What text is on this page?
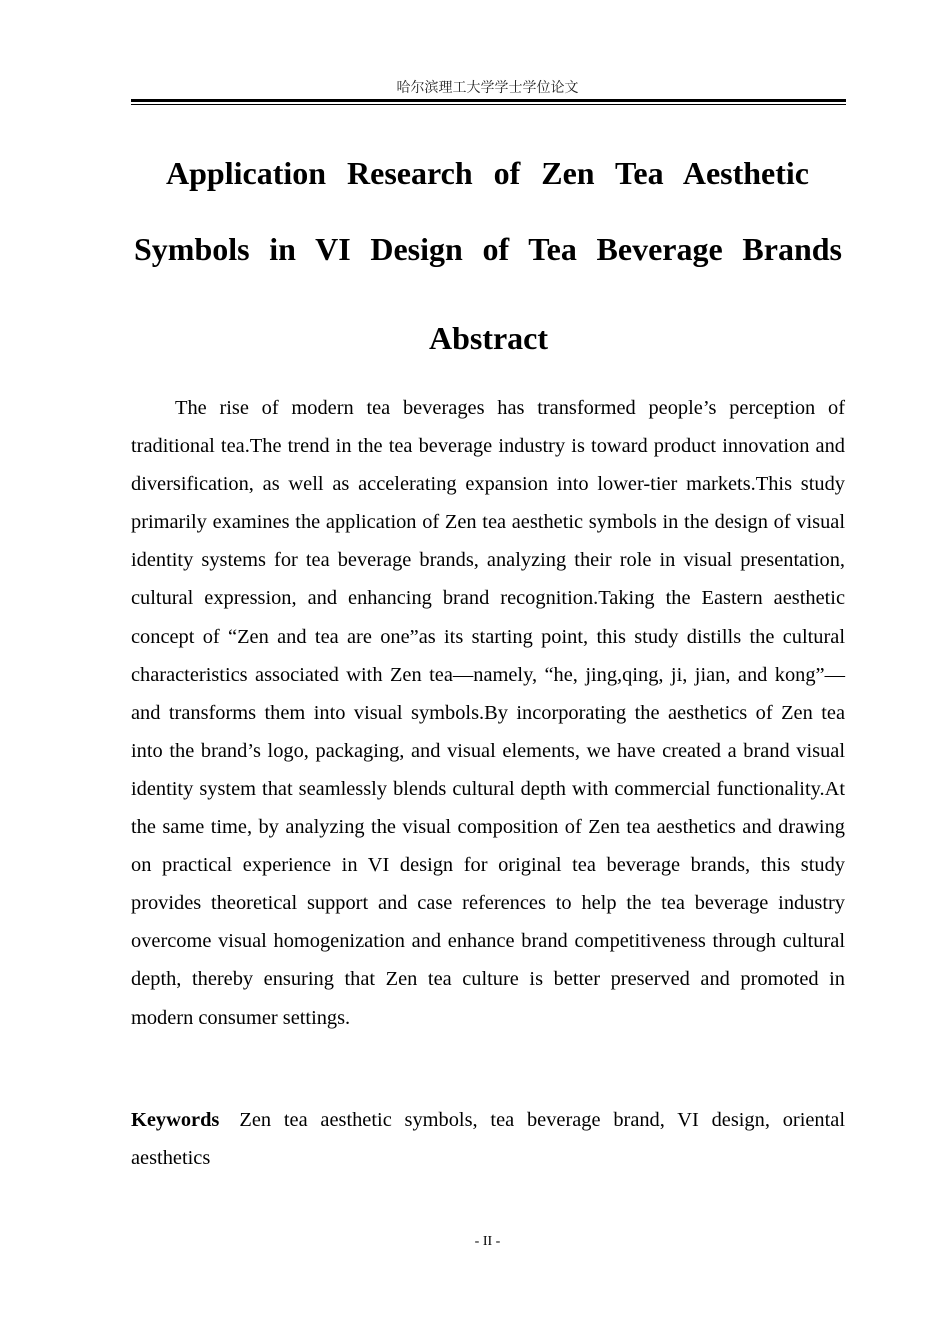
哈尔滨理工大学学士学位论文
Application Research of Zen Tea Aesthetic
Symbols in VI Design of Tea Beverage Brands
Abstract

The rise of modern tea beverages has transformed people’s perception of traditional tea.The trend in the tea beverage industry is toward product innovation and diversification, as well as accelerating expansion into lower-tier markets.This study primarily examines the application of Zen tea aesthetic symbols in the design of visual identity systems for tea beverage brands, analyzing their role in visual presentation, cultural expression, and enhancing brand recognition.Taking the Eastern aesthetic concept of “Zen and tea are one”as its starting point, this study distills the cultural characteristics associated with Zen tea—namely, “he, jing,qing, ji, jian, and kong”—and transforms them into visual symbols.By incorporating the aesthetics of Zen tea into the brand’s logo, packaging, and visual elements, we have created a brand visual identity system that seamlessly blends cultural depth with commercial functionality.At the same time, by analyzing the visual composition of Zen tea aesthetics and drawing on practical experience in VI design for original tea beverage brands, this study provides theoretical support and case references to help the tea beverage industry overcome visual homogenization and enhance brand competitiveness through cultural depth, thereby ensuring that Zen tea culture is better preserved and promoted in modern consumer settings.

Keywords Zen tea aesthetic symbols, tea beverage brand, VI design, oriental aesthetics

- II -
